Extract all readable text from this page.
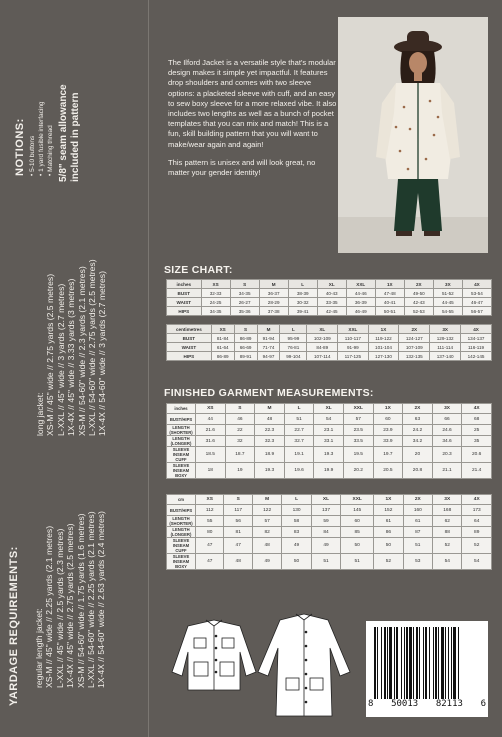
NOTIONS: • 5-10 buttons
• 1 yard fusible interfacing
• Matching thread 5/8" seam allowance included in pattern
long jacket: XS-M // 45" wide // 2.75 yards (2.5 metres) L-XXL // 45" wide // 3 yards (2.7 metres) 1X-4X // 45" wide // 3.33 yards (3 metres) XS-M // 54-60" wide // 2.3 yards (2.1 metres) L-XXL // 54-60" wide // 2.75 yards (2.5 metres) 1X-4X // 54-60" wide // 3 yards (2.7 metres)
YARDAGE REQUIREMENTS: regular length jacket: XS-M // 45" wide // 2.25 yards (2.1 metres) L-XXL // 45" wide // 2.5 yards (2.3 metres) 1X-4X // 45" wide // 2.75 yards (2.5 metres) XS-M // 54-60" wide // 1.75 yards (1.6 metres) L-XXL // 54-60" wide // 2.25 yards (2.1 metres) 1X-4X // 54-60" wide // 2.63 yards (2.4 metres)

The Ilford Jacket is a versatile style that's modular design makes it simple yet impactful. It features drop shoulders and comes with two sleeve options: a placketed sleeve with cuff, and an easy to sew boxy sleeve for a more relaxed vibe. It also includes two lengths as well as a bunch of pocket templates that you can mix and match! This is a fun, skill building pattern that you will want to make/wear again and again!

This pattern is unisex and will look great, no matter your gender identity!

SIZE CHART:
inches	XS	S	M	L	XL	XXL	1X	2X	3X	4X
BUST	32-33	34-35	36-37	38-39	40-43	44-46	47-48	49-50	51-52	53-54
WAIST	24-25	26-27	28-29	30-32	33-35	36-39	40-41	42-43	44-45	46-47
HIPS	34-35	35-36	37-38	39-41	42-45	46-49	50-51	52-53	54-55	56-57
centimetres	XS	S	M	L	XL	XXL	1X	2X	3X	4X
BUST	81-84	86-89	91-94	95-99	102-109	110-117	119-122	124-127	129-132	134-137
WAIST	61-64	66-69	71-74	76-81	84-89	91-99	101-104	107-109	111-114	116-119
HIPS	86-89	89-91	94-97	99-104	107-114	117-125	127-130	132-135	137-140	142-145
FINISHED GARMENT MEASUREMENTS:
inches	XS	S	M	L	XL	XXL	1X	2X	3X	4X
BUST/HIPS	44	46	48	51	54	57	60	63	66	68
LENGTH
(SHORTER)	21.6	22	22.3	22.7	23.1	23.5	23.9	24.2	24.6	25
LENGTH
(LONGER)	31.6	32	32.3	32.7	33.1	33.5	33.9	34.2	34.6	35
SLEEVE
INSEAM
CUFF	18.5	18.7	18.9	19.1	19.3	19.5	19.7	20	20.3	20.6
SLEEVE
INSEAM
BOXY	18	19	19.3	19.6	19.9	20.2	20.5	20.8	21.1	21.4
cm	XS	S	M	L	XL	XXL	1X	2X	3X	4X
BUST/HIPS	112	117	122	130	137	145	152	160	168	173
LENGTH
(SHORTER)	55	56	57	58	59	60	61	61	62	64
LENGTH
(LONGER)	80	81	82	83	84	85	86	87	88	89
SLEEVE
INSEAM
CUFF	47	47	48	49	49	50	50	51	52	52
SLEEVE
INSEAM
BOXY	47	48	49	50	51	51	52	53	54	54
8 50013 82113 6
